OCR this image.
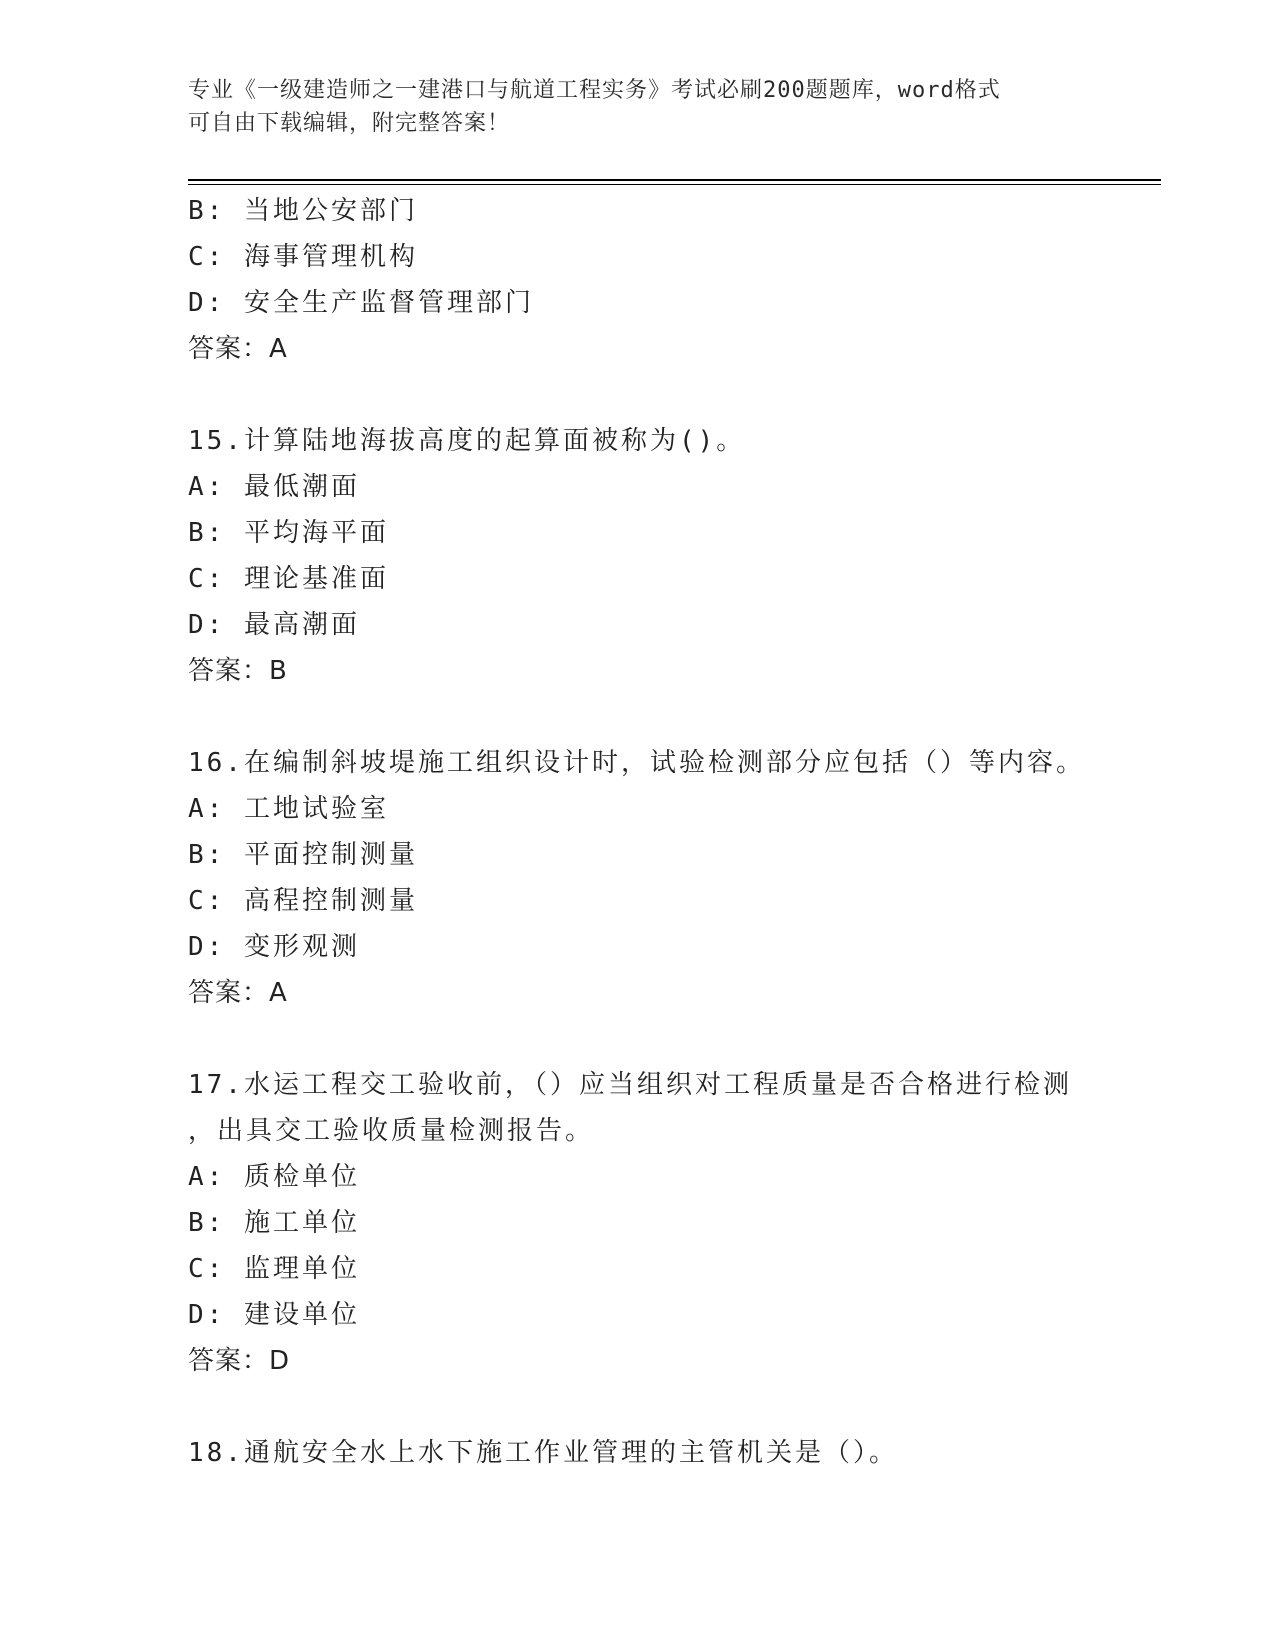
专业《一级建造师之一建港口与航道工程实务》考试必刷200题题库，word格式
可自由下载编辑，附完整答案！
B: 当地公安部门
C: 海事管理机构
D: 安全生产监督管理部门
答案：A
15.计算陆地海拔高度的起算面被称为()。
A: 最低潮面
B: 平均海平面
C: 理论基准面
D: 最高潮面
答案：B
16.在编制斜坡堤施工组织设计时，试验检测部分应包括（）等内容。
A: 工地试验室
B: 平面控制测量
C: 高程控制测量
D: 变形观测
答案：A
17.水运工程交工验收前，（）应当组织对工程质量是否合格进行检测
，出具交工验收质量检测报告。
A: 质检单位
B: 施工单位
C: 监理单位
D: 建设单位
答案：D
18.通航安全水上水下施工作业管理的主管机关是（）。
